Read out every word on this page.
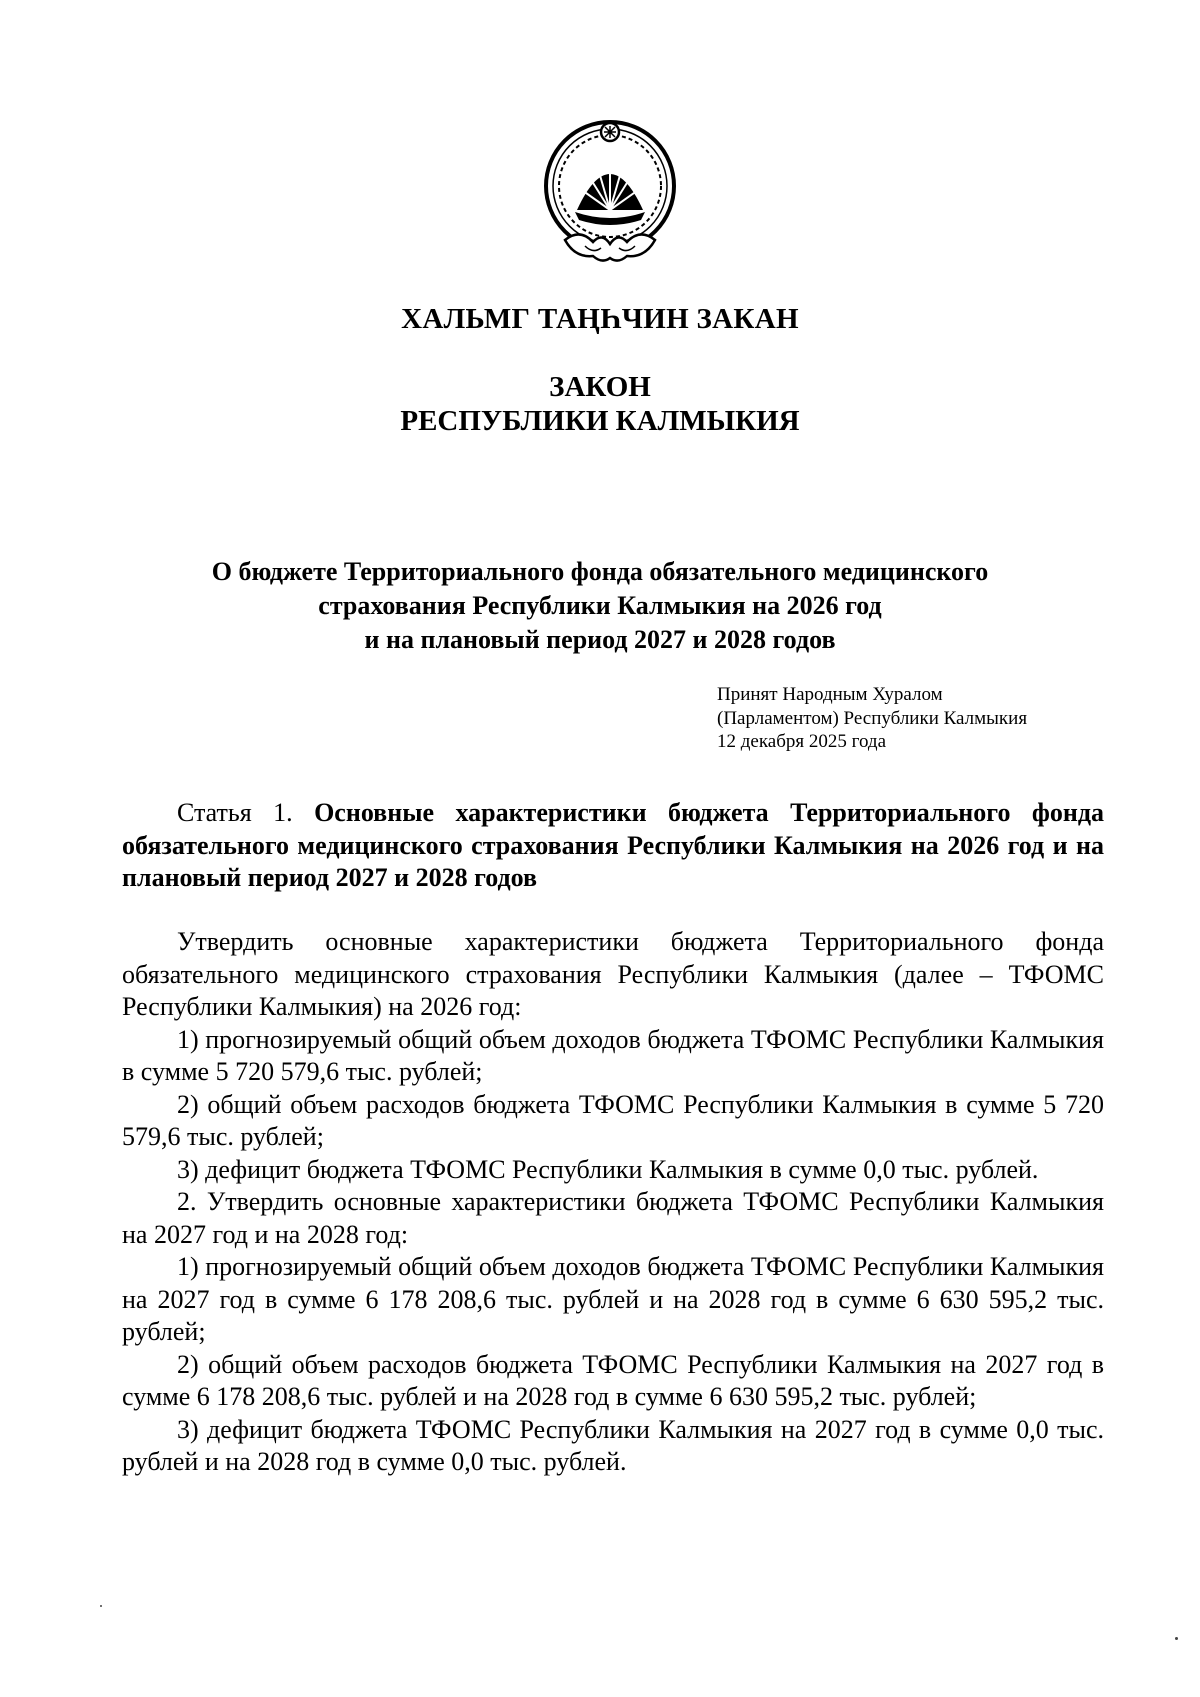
ХАЛЬМГ ТАҢҺЧИН ЗАКАН
ЗАКОН
РЕСПУБЛИКИ КАЛМЫКИЯ
О бюджете Территориального фонда обязательного медицинского
страхования Республики Калмыкия на 2026 год
и на плановый период 2027 и 2028 годов
Принят Народным Хуралом
(Парламентом) Республики Калмыкия
12 декабря 2025 года

Статья 1. Основные характеристики бюджета Территориального фонда обязательного медицинского страхования Республики Калмыкия на 2026 год и на плановый период 2027 и 2028 годов

Утвердить основные характеристики бюджета Территориального фонда обязательного медицинского страхования Республики Калмыкия (далее – ТФОМС Республики Калмыкия) на 2026 год:

1) прогнозируемый общий объем доходов бюджета ТФОМС Республики Калмыкия в сумме 5 720 579,6 тыс. рублей;

2) общий объем расходов бюджета ТФОМС Республики Калмыкия в сумме 5 720 579,6 тыс. рублей;

3) дефицит бюджета ТФОМС Республики Калмыкия в сумме 0,0 тыс. рублей.

2. Утвердить основные характеристики бюджета ТФОМС Республики Калмыкия на 2027 год и на 2028 год:

1) прогнозируемый общий объем доходов бюджета ТФОМС Республики Калмыкия на 2027 год в сумме 6 178 208,6 тыс. рублей и на 2028 год в сумме 6 630 595,2 тыс. рублей;

2) общий объем расходов бюджета ТФОМС Республики Калмыкия на 2027 год в сумме 6 178 208,6 тыс. рублей и на 2028 год в сумме 6 630 595,2 тыс. рублей;

3) дефицит бюджета ТФОМС Республики Калмыкия на 2027 год в сумме 0,0 тыс. рублей и на 2028 год в сумме 0,0 тыс. рублей.
